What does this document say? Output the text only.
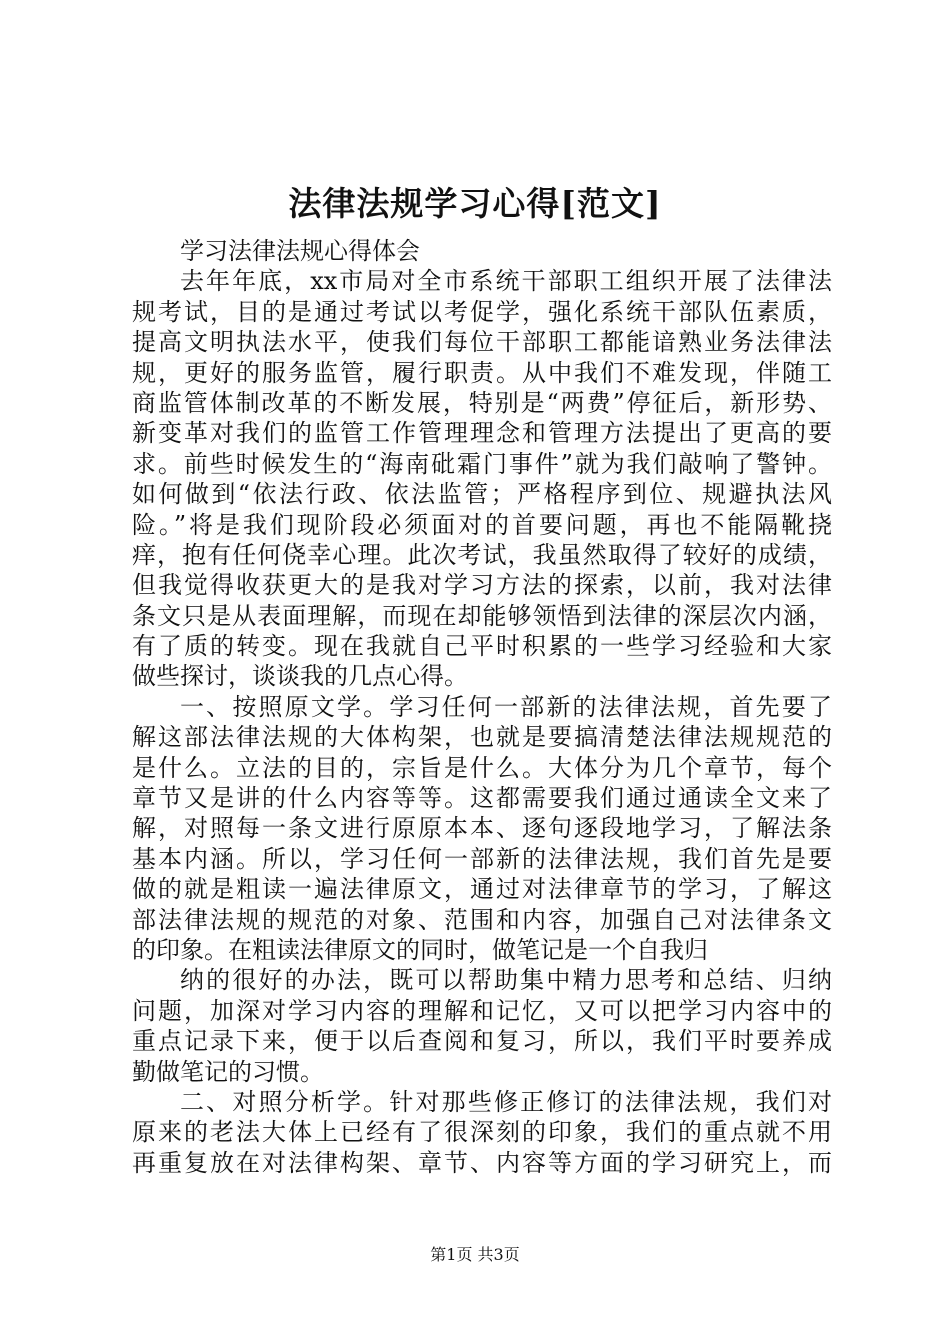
法律法规学习心得[范文]
学习法律法规心得体会
去年年底，xx市局对全市系统干部职工组织开展了法律法
规考试，目的是通过考试以考促学，强化系统干部队伍素质，
提高文明执法水平，使我们每位干部职工都能谙熟业务法律法
规，更好的服务监管，履行职责。从中我们不难发现，伴随工
商监管体制改革的不断发展，特别是“两费”停征后，新形势、
新变革对我们的监管工作管理理念和管理方法提出了更高的要
求。前些时候发生的“海南砒霜门事件”就为我们敲响了警钟。
如何做到“依法行政、依法监管；严格程序到位、规避执法风
险。”将是我们现阶段必须面对的首要问题，再也不能隔靴挠
痒，抱有任何侥幸心理。此次考试，我虽然取得了较好的成绩，
但我觉得收获更大的是我对学习方法的探索，以前，我对法律
条文只是从表面理解，而现在却能够领悟到法律的深层次内涵，
有了质的转变。现在我就自己平时积累的一些学习经验和大家
做些探讨，谈谈我的几点心得。
一、按照原文学。学习任何一部新的法律法规，首先要了
解这部法律法规的大体构架，也就是要搞清楚法律法规规范的
是什么。立法的目的，宗旨是什么。大体分为几个章节，每个
章节又是讲的什么内容等等。这都需要我们通过通读全文来了
解，对照每一条文进行原原本本、逐句逐段地学习，了解法条
基本内涵。所以，学习任何一部新的法律法规，我们首先是要
做的就是粗读一遍法律原文，通过对法律章节的学习，了解这
部法律法规的规范的对象、范围和内容，加强自己对法律条文
的印象。在粗读法律原文的同时，做笔记是一个自我归
纳的很好的办法，既可以帮助集中精力思考和总结、归纳
问题，加深对学习内容的理解和记忆，又可以把学习内容中的
重点记录下来，便于以后查阅和复习，所以，我们平时要养成
勤做笔记的习惯。
二、对照分析学。针对那些修正修订的法律法规，我们对
原来的老法大体上已经有了很深刻的印象，我们的重点就不用
再重复放在对法律构架、章节、内容等方面的学习研究上，而
第1页 共3页
